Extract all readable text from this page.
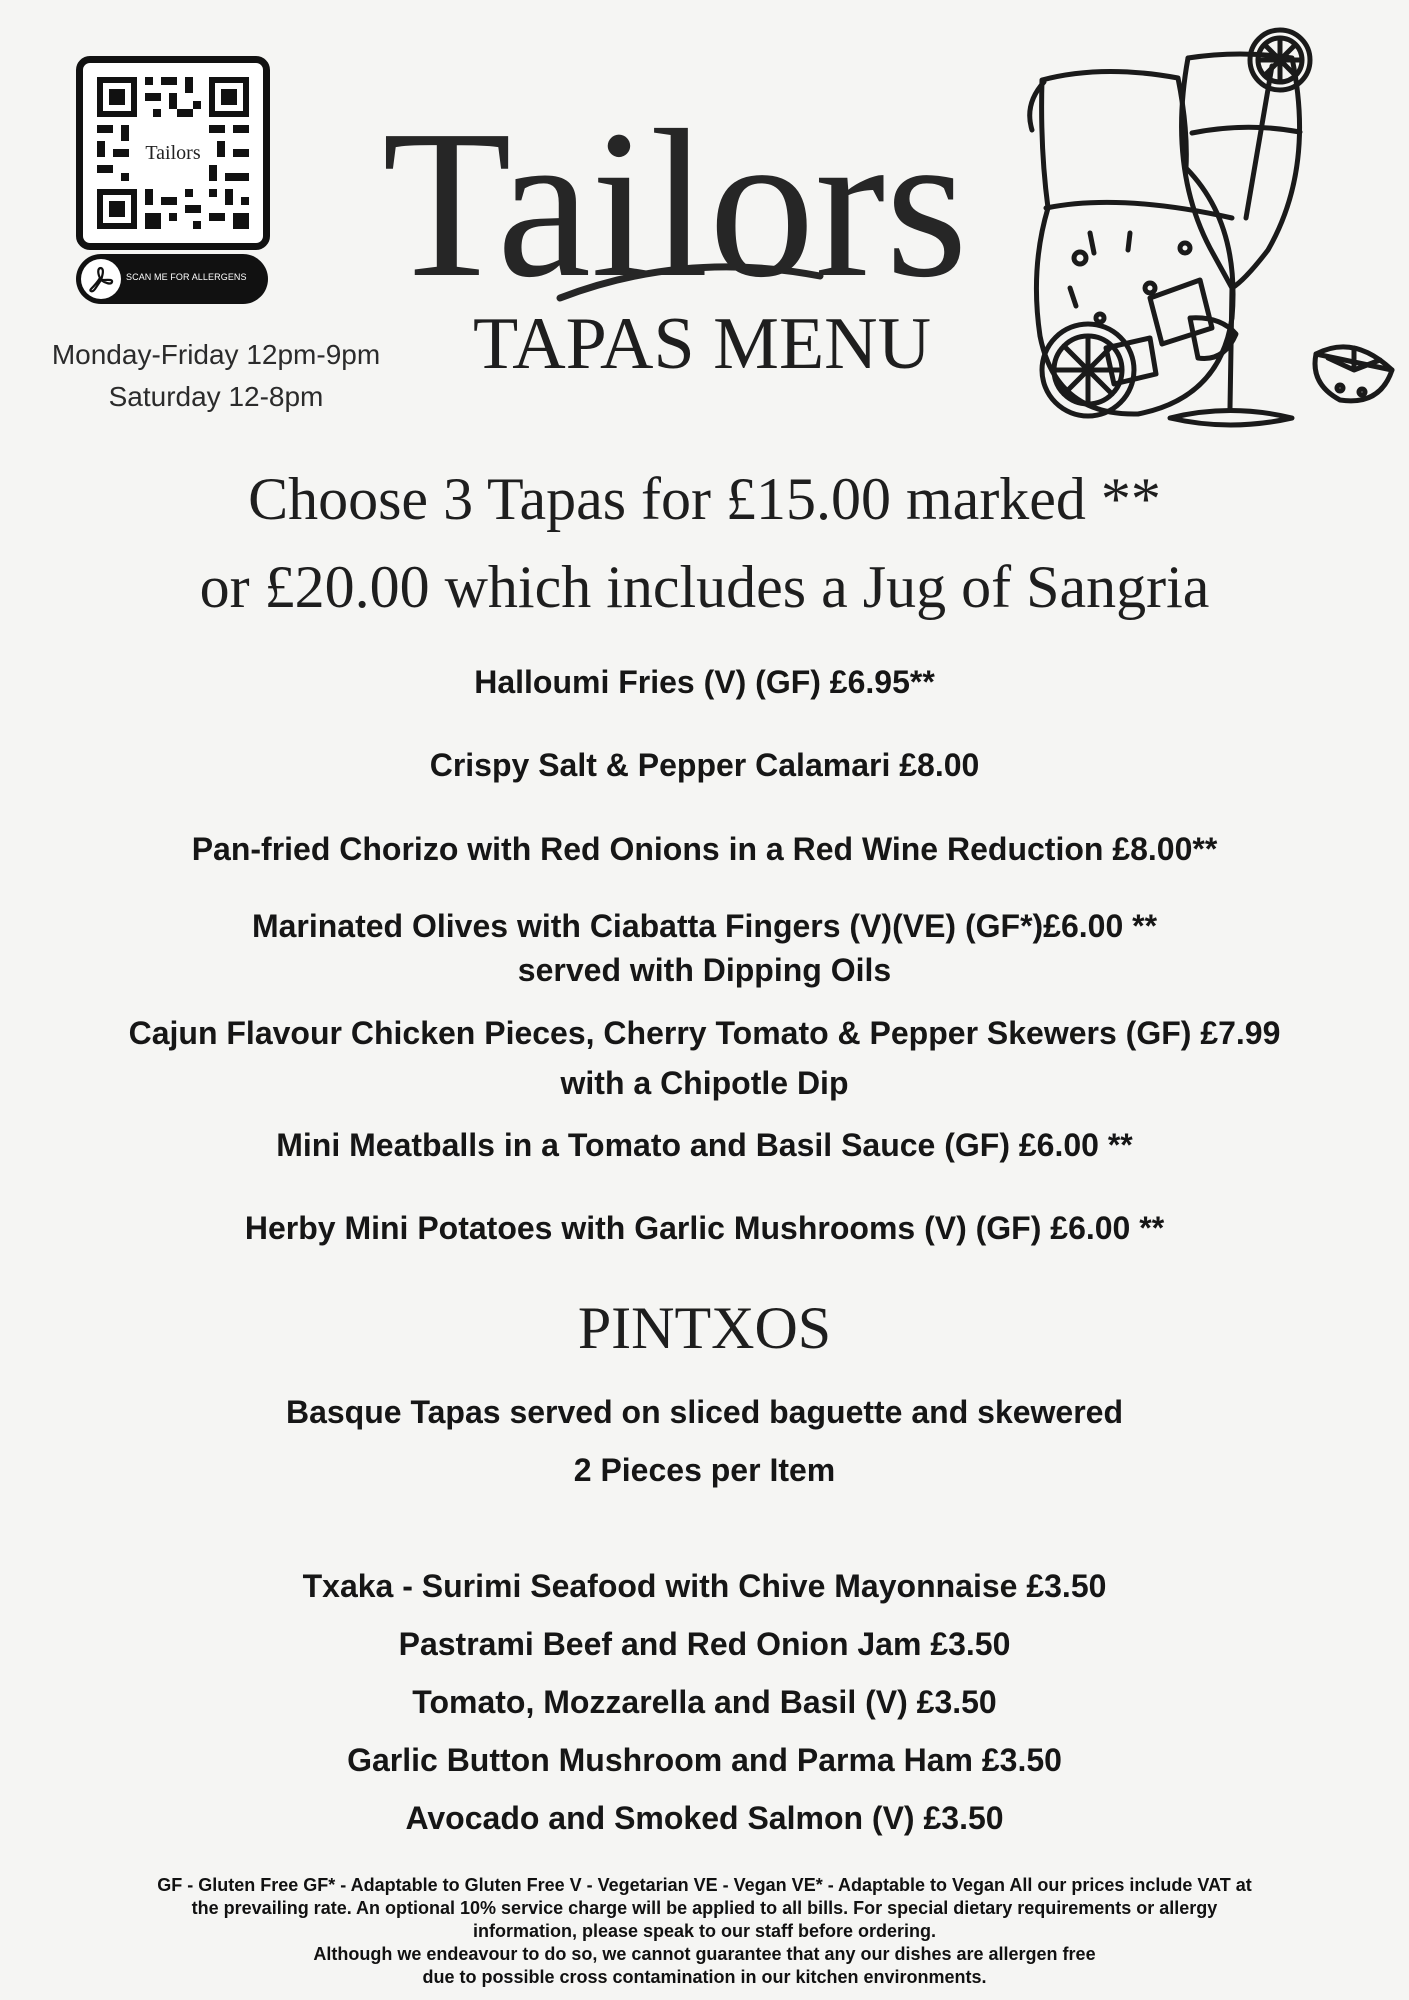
Tailors
SCAN ME FOR ALLERGENS
Monday-Friday 12pm-9pm
Saturday 12-8pm
Tailors
TAPAS MENU
Choose 3 Tapas for £15.00 marked **
or £20.00 which includes a Jug of Sangria
Halloumi Fries (V) (GF) £6.95**
Crispy Salt & Pepper Calamari £8.00
Pan-fried Chorizo with Red Onions in a Red Wine Reduction £8.00**
Marinated Olives with Ciabatta Fingers (V)(VE) (GF*)£6.00 **
served with Dipping Oils
Cajun Flavour Chicken Pieces, Cherry Tomato & Pepper Skewers (GF) £7.99
with a Chipotle Dip
Mini Meatballs in a Tomato and Basil Sauce (GF) £6.00 **
Herby Mini Potatoes with Garlic Mushrooms (V) (GF) £6.00 **
PINTXOS
Basque Tapas served on sliced baguette and skewered
2 Pieces per Item
Txaka - Surimi Seafood with Chive Mayonnaise £3.50
Pastrami Beef and Red Onion Jam £3.50
Tomato, Mozzarella and Basil (V) £3.50
Garlic Button Mushroom and Parma Ham £3.50
Avocado and Smoked Salmon (V) £3.50
GF - Gluten Free GF* - Adaptable to Gluten Free V - Vegetarian VE - Vegan VE* - Adaptable to Vegan All our prices include VAT at
the prevailing rate. An optional 10% service charge will be applied to all bills. For special dietary requirements or allergy
information, please speak to our staff before ordering.
Although we endeavour to do so, we cannot guarantee that any our dishes are allergen free
due to possible cross contamination in our kitchen environments.
